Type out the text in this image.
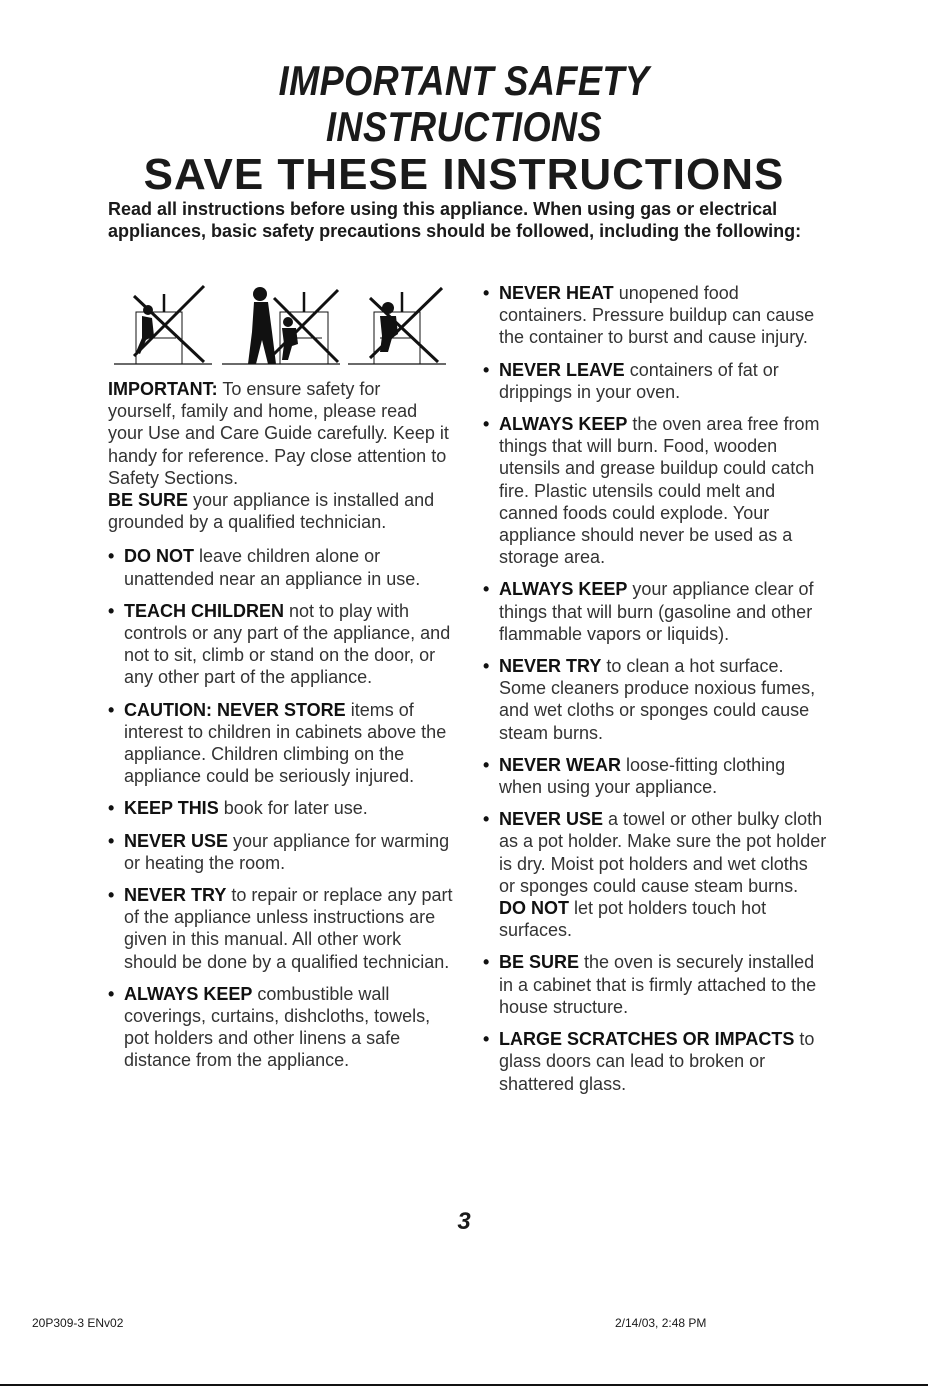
IMPORTANT SAFETY
INSTRUCTIONS
SAVE THESE INSTRUCTIONS
Read all instructions before using this appliance. When using gas or electrical appliances, basic safety precautions should be followed, including the following:

IMPORTANT: To ensure safety for yourself, family and home, please read your Use and Care Guide carefully. Keep it handy for reference. Pay close attention to Safety Sections.
BE SURE your appliance is installed and grounded by a qualified technician.

• DO NOT leave children alone or unattended near an appliance in use.
• TEACH CHILDREN not to play with controls or any part of the appliance, and not to sit, climb or stand on the door, or any other part of the appliance.
• CAUTION: NEVER STORE items of interest to children in cabinets above the appliance. Children climbing on the appliance could be seriously injured.
• KEEP THIS book for later use.
• NEVER USE your appliance for warming or heating the room.
• NEVER TRY to repair or replace any part of the appliance unless instructions are given in this manual. All other work should be done by a qualified technician.
• ALWAYS KEEP combustible wall coverings, curtains, dishcloths, towels, pot holders and other linens a safe distance from the appliance.
• NEVER HEAT unopened food containers. Pressure buildup can cause the container to burst and cause injury.
• NEVER LEAVE containers of fat or drippings in your oven.
• ALWAYS KEEP the oven area free from things that will burn. Food, wooden utensils and grease buildup could catch fire. Plastic utensils could melt and canned foods could explode. Your appliance should never be used as a storage area.
• ALWAYS KEEP your appliance clear of things that will burn (gasoline and other flammable vapors or liquids).
• NEVER TRY to clean a hot surface. Some cleaners produce noxious fumes, and wet cloths or sponges could cause steam burns.
• NEVER WEAR loose-fitting clothing when using your appliance.
• NEVER USE a towel or other bulky cloth as a pot holder. Make sure the pot holder is dry. Moist pot holders and wet cloths or sponges could cause steam burns. DO NOT let pot holders touch hot surfaces.
• BE SURE the oven is securely installed in a cabinet that is firmly attached to the house structure.
• LARGE SCRATCHES OR IMPACTS to glass doors can lead to broken or shattered glass.
3
20P309-3 ENv02	2/14/03, 2:48 PM
